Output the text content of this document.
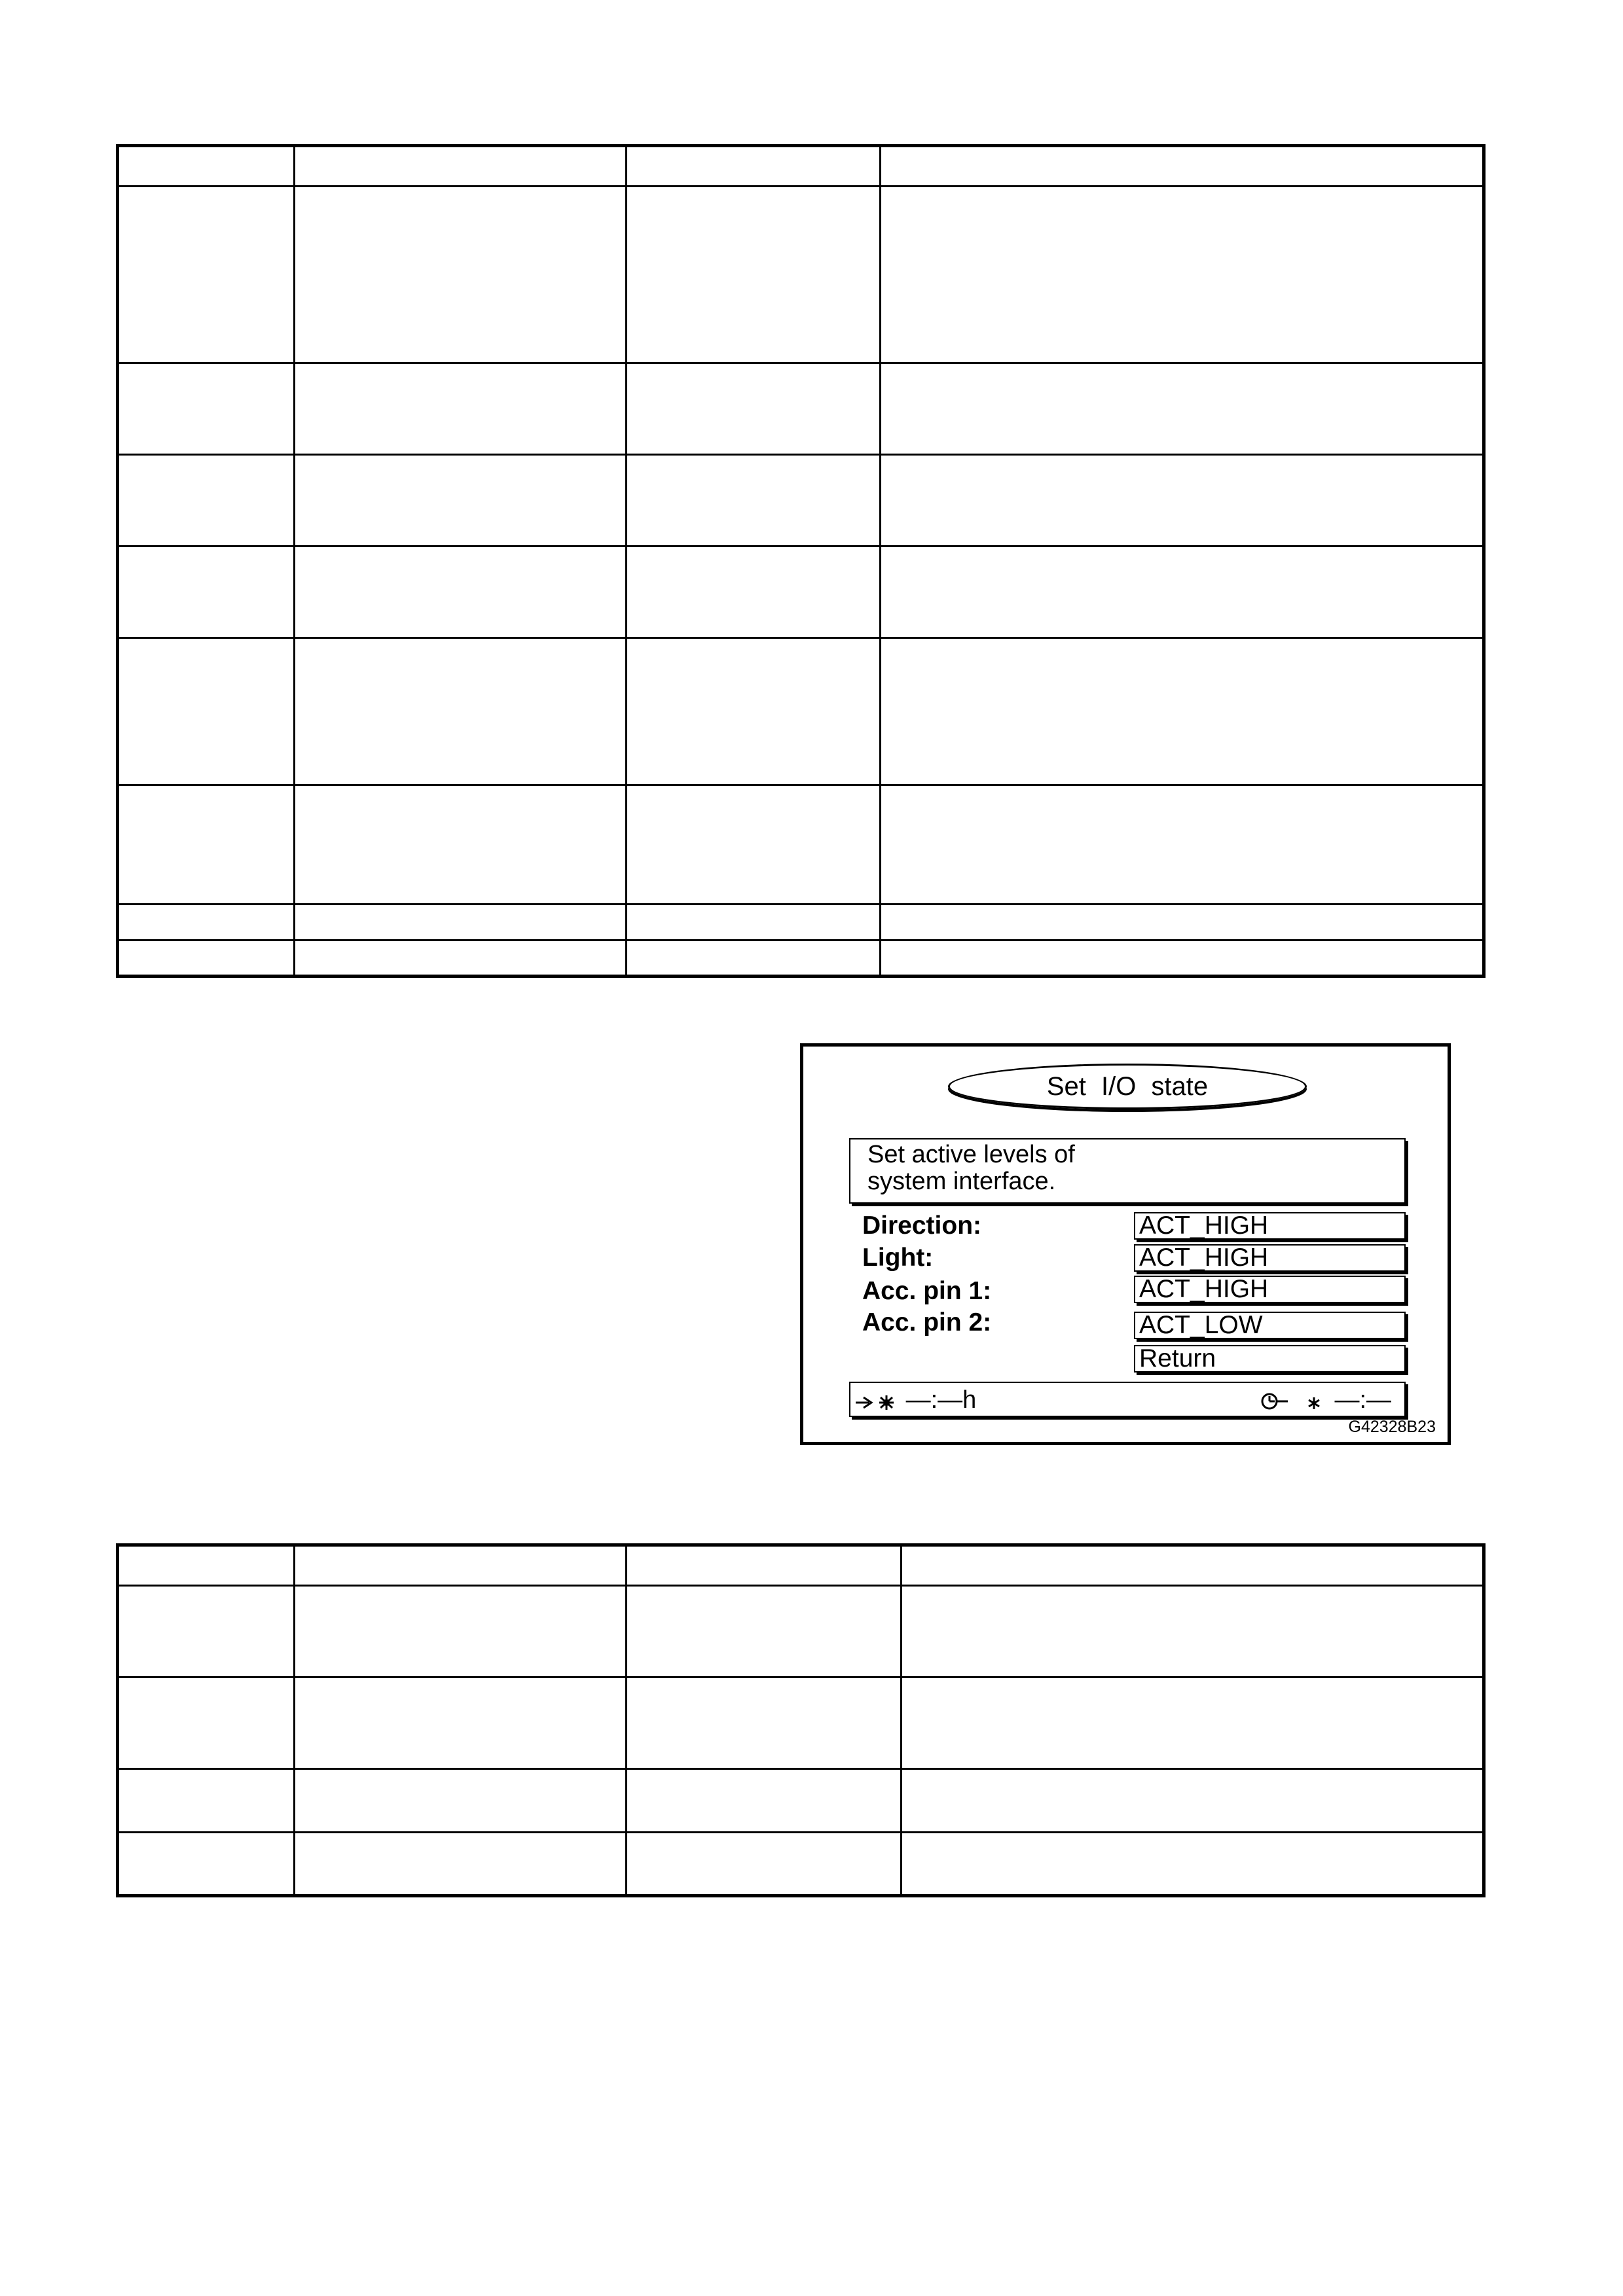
Set I/O state
Set active levels of
system interface.
Direction:	ACT_HIGH
Light:	ACT_HIGH
Acc. pin 1:	ACT_HIGH
Acc. pin 2:	ACT_LOW
Return
—:—h	—:—
G42328B23
